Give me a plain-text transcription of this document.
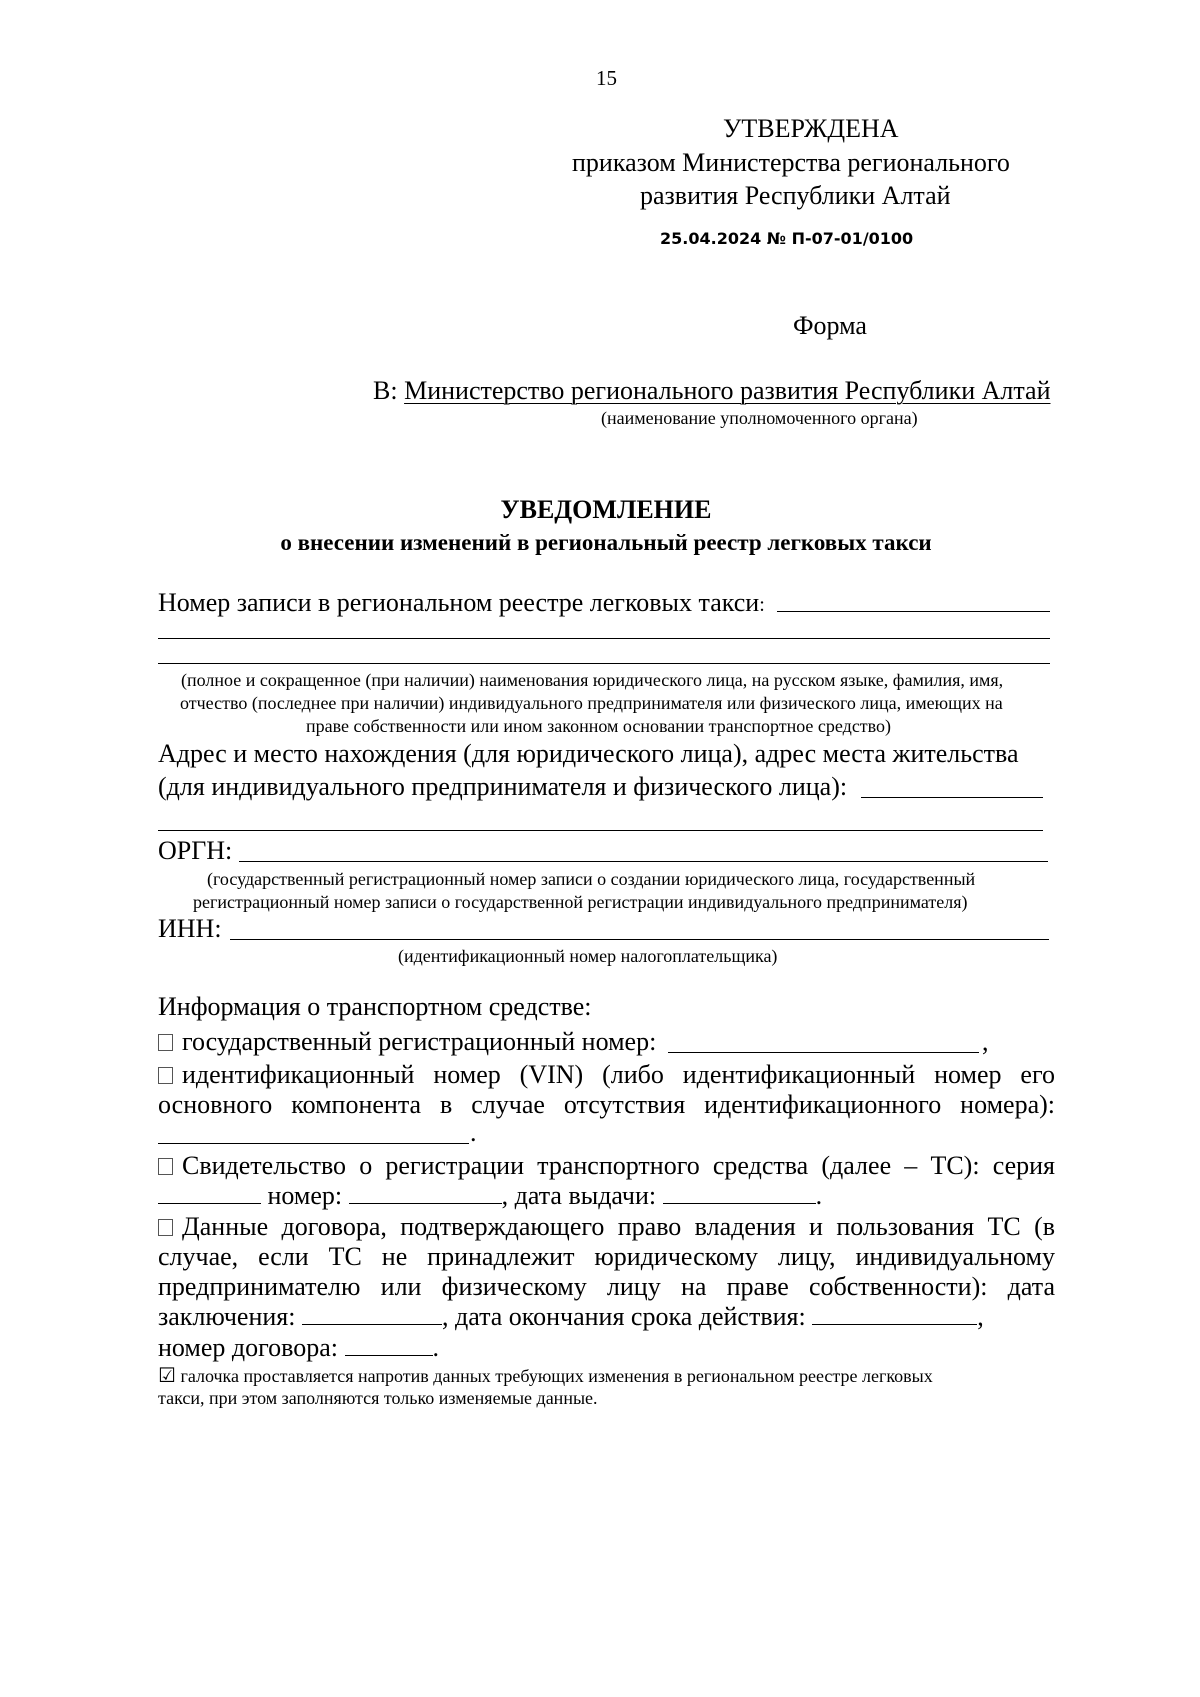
15
УТВЕРЖДЕНА
приказом Министерства регионального
развития Республики Алтай
25.04.2024 № П-07-01/0100
Форма
В: Министерство регионального развития Республики Алтай
(наименование уполномоченного органа)
УВЕДОМЛЕНИЕ
о внесении изменений в региональный реестр легковых такси
Номер записи в региональном реестре легковых такси:
(полное и сокращенное (при наличии) наименования юридического лица, на русском языке, фамилия, имя,
отчество (последнее при наличии) индивидуального предпринимателя или физического лица, имеющих на
праве собственности или ином законном основании транспортное средство)
Адрес и место нахождения (для юридического лица), адрес места жительства
(для индивидуального предпринимателя и физического лица):
ОРГН:
(государственный регистрационный номер записи о создании юридического лица, государственный
регистрационный номер записи о государственной регистрации индивидуального предпринимателя)
ИНН:
(идентификационный номер налогоплательщика)
Информация о транспортном средстве:
государственный регистрационный номер:	,
идентификационный номер (VIN) (либо идентификационный номер его
основного компонента в случае отсутствия идентификационного номера):
.
Свидетельство о регистрации транспортного средства (далее – ТС): серия
номер:	, дата выдачи:	.
Данные договора, подтверждающего право владения и пользования ТС (в
случае, если ТС не принадлежит юридическому лицу, индивидуальному
предпринимателю или физическому лицу на праве собственности): дата
заключения:	, дата окончания срока действия:	,
номер договора:	.
☑ галочка проставляется напротив данных требующих изменения в региональном реестре легковых
такси, при этом заполняются только изменяемые данные.
